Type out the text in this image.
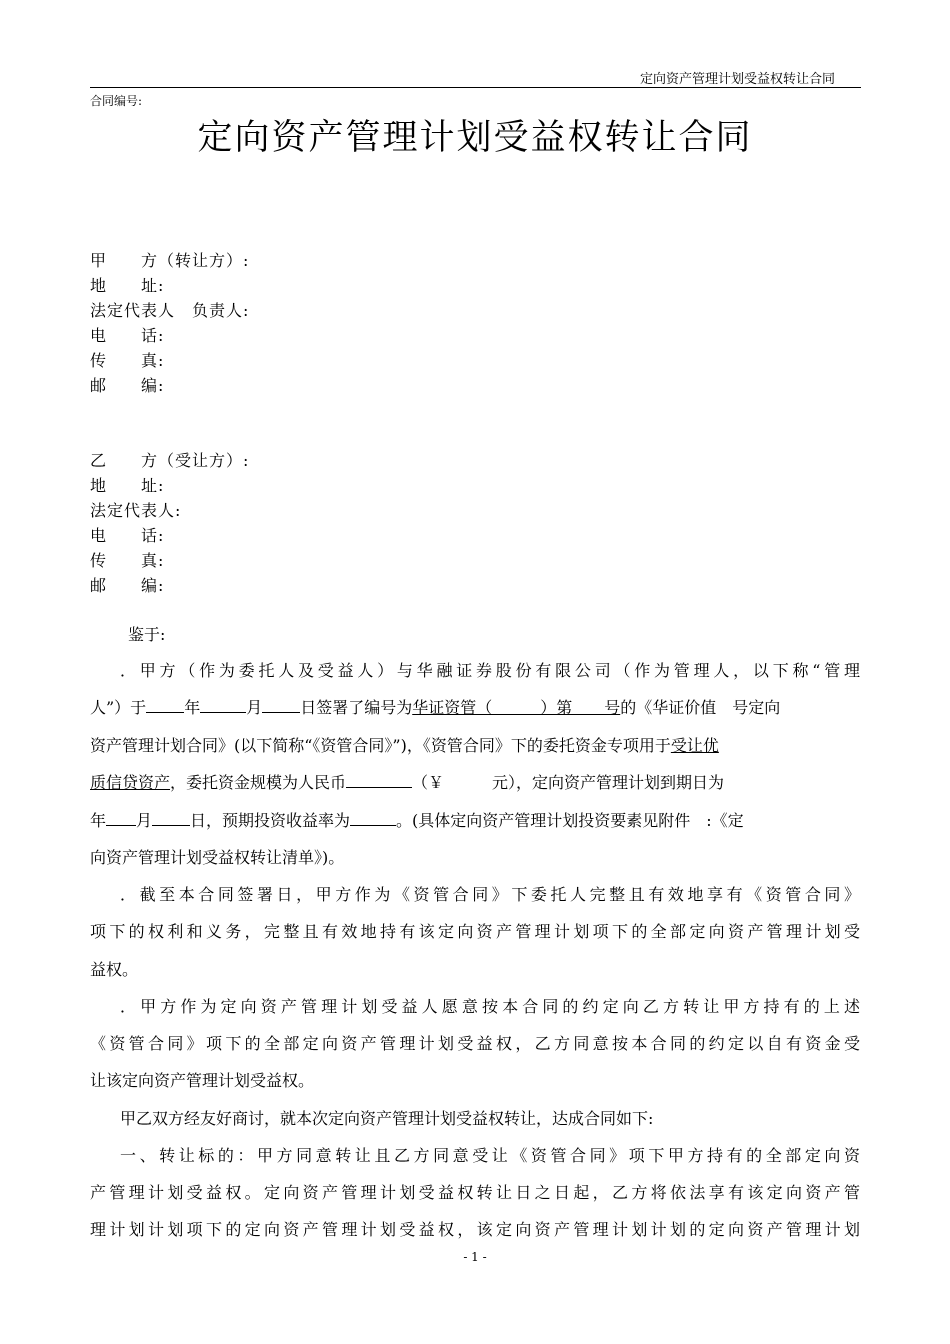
定向资产管理计划受益权转让合同
合同编号:
定向资产管理计划受益权转让合同
甲　　方（转让方）:
地　　址:
法定代表人　负责人:
电　　话:
传　　真:
邮　　编:
乙　　方（受让方）:
地　　址:
法定代表人:
电　　话:
传　　真:
邮　　编:
鉴于:
．甲方（作为委托人及受益人）与华融证券股份有限公司（作为管理人，以下称“管理
人”）于 年	月 日签署了编号为华证资管（　　　）第　　号的《华证价值　号定向
资产管理计划合同》(以下简称“《资管合同》”)，《资管合同》下的委托资金专项用于受让优
质信贷资产，委托资金规模为人民币	（￥　　　元），定向资产管理计划到期日为
年 月 日，预期投资收益率为	。(具体定向资产管理计划投资要素见附件　:《定
向资产管理计划受益权转让清单》)。
．截至本合同签署日，甲方作为《资管合同》下委托人完整且有效地享有《资管合同》
项下的权利和义务，完整且有效地持有该定向资产管理计划项下的全部定向资产管理计划受
益权。
．甲方作为定向资产管理计划受益人愿意按本合同的约定向乙方转让甲方持有的上述
《资管合同》项下的全部定向资产管理计划受益权，乙方同意按本合同的约定以自有资金受
让该定向资产管理计划受益权。
甲乙双方经友好商讨，就本次定向资产管理计划受益权转让，达成合同如下:
一、转让标的：甲方同意转让且乙方同意受让《资管合同》项下甲方持有的全部定向资
产管理计划受益权。定向资产管理计划受益权转让日之日起，乙方将依法享有该定向资产管
理计划计划项下的定向资产管理计划受益权，该定向资产管理计划计划的定向资产管理计划
- 1 -
